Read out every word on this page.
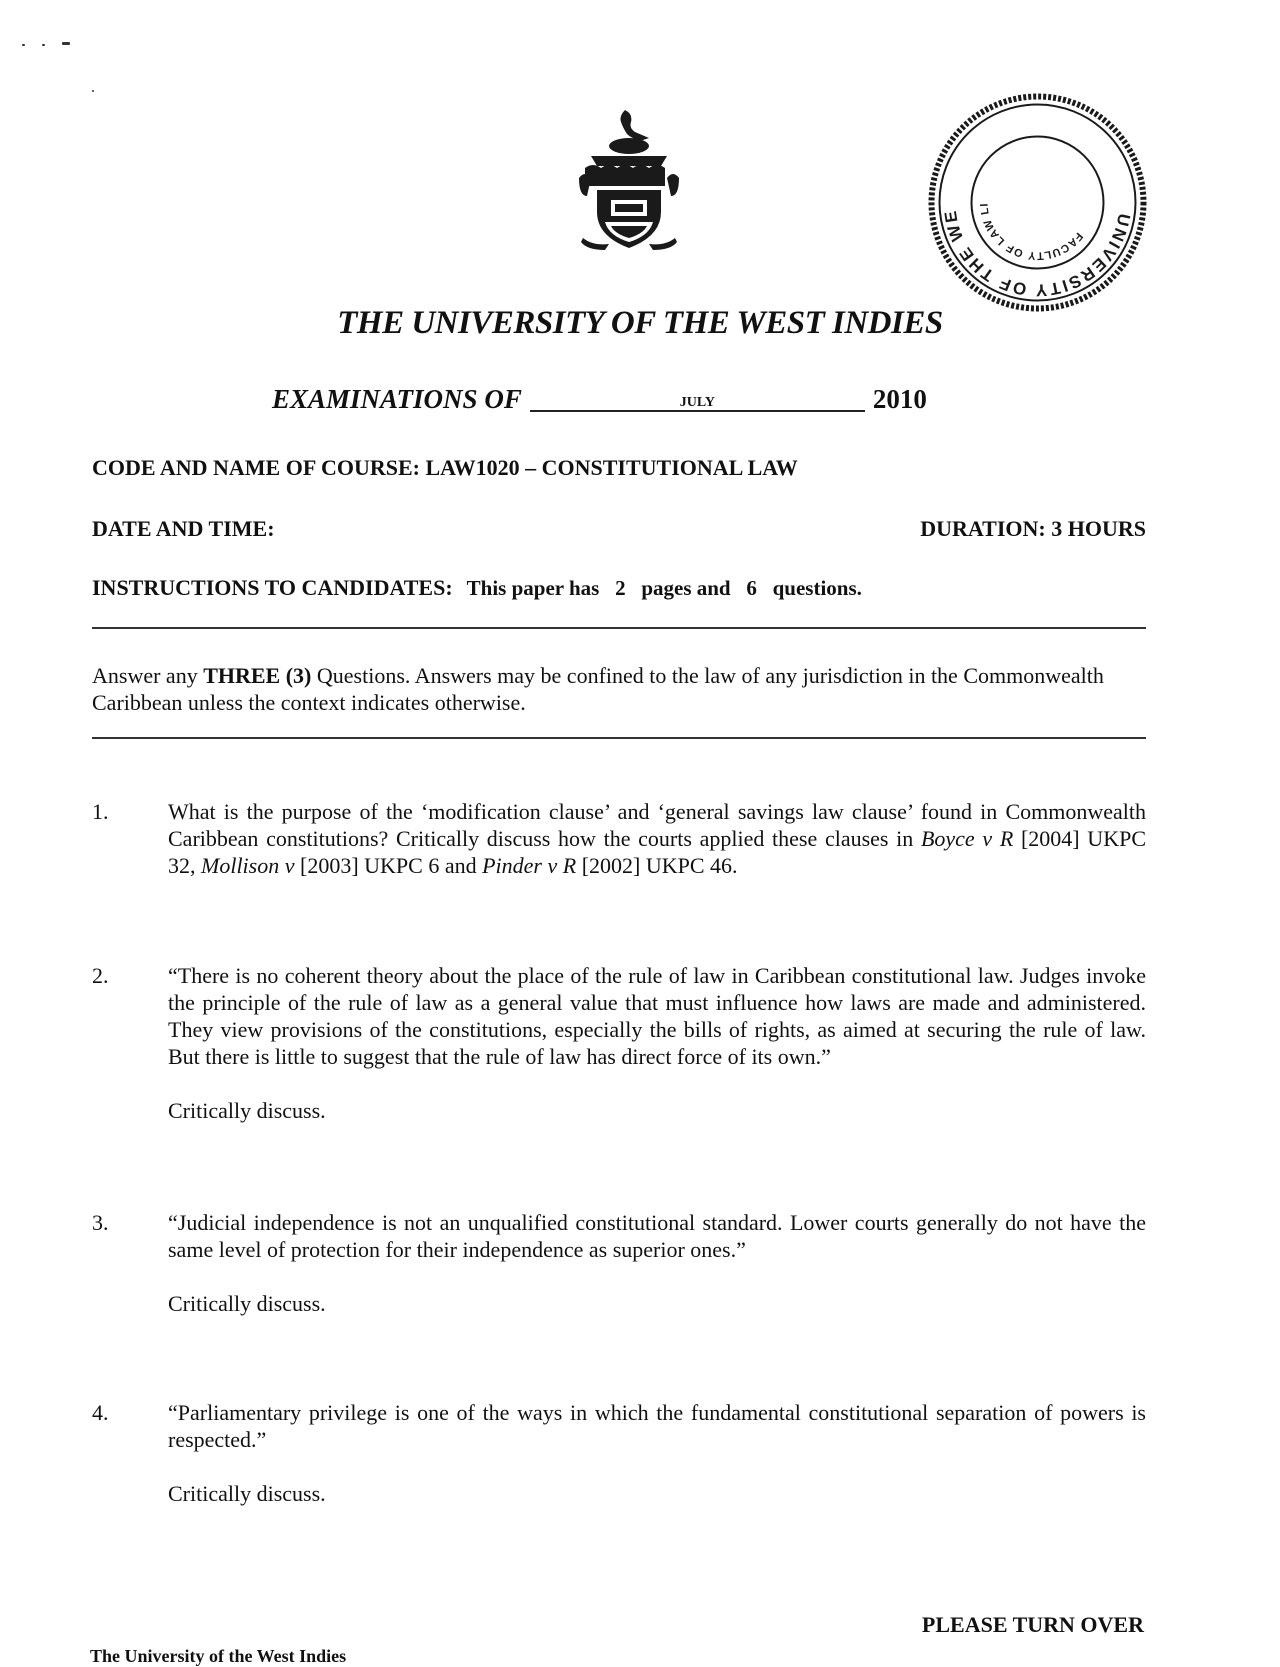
UNIVERSITY OF THE WE
FACULTY OF LAW LI
THE UNIVERSITY OF THE WEST INDIES
EXAMINATIONS OF	JULY	2010
CODE AND NAME OF COURSE: LAW1020 – CONSTITUTIONAL LAW
DATE AND TIME:	DURATION: 3 HOURS
INSTRUCTIONS TO CANDIDATES: This paper has 2 pages and 6 questions.
Answer any THREE (3) Questions. Answers may be confined to the law of any jurisdiction in the Commonwealth Caribbean unless the context indicates otherwise.
1.	What is the purpose of the ‘modification clause’ and ‘general savings law clause’ found in Commonwealth Caribbean constitutions? Critically discuss how the courts applied these clauses in Boyce v R [2004] UKPC 32, Mollison v [2003] UKPC 6 and Pinder v R [2002] UKPC 46.
2.	“There is no coherent theory about the place of the rule of law in Caribbean constitutional law. Judges invoke the principle of the rule of law as a general value that must influence how laws are made and administered. They view provisions of the constitutions, especially the bills of rights, as aimed at securing the rule of law. But there is little to suggest that the rule of law has direct force of its own.”
Critically discuss.
3.	“Judicial independence is not an unqualified constitutional standard. Lower courts generally do not have the same level of protection for their independence as superior ones.”
Critically discuss.
4.	“Parliamentary privilege is one of the ways in which the fundamental constitutional separation of powers is respected.”
Critically discuss.
PLEASE TURN OVER
The University of the West Indies
